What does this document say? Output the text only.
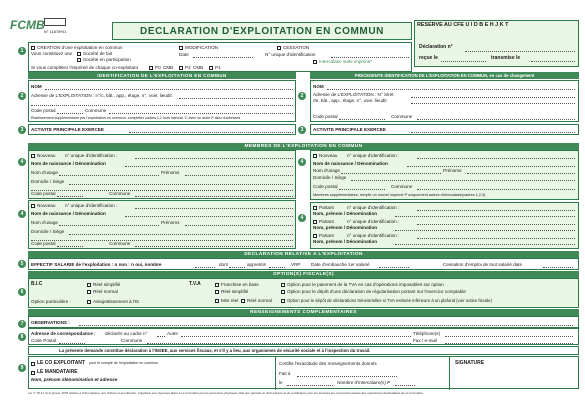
FCMB N° 11678*01	DECLARATION D'EXPLOITATION EN COMMUN
RESERVE AU CFE U I D B E H J K T
Déclaration n°
reçue le	transmise le
1
CREATION d'une exploitation en commun
Vous constituez une Société de fait
Société en participation
MODIFICATION	CESSATION
Date	N° unique d'identification
Si vous complétez l'imprimé de chaque co-exploitant	P0 CMB	P2 CMB	P4
Intercalaire suite imprimé*
IDENTIFICATION DE L'EXPLOITATION EN COMMUN	PRECEDENTE IDENTIFICATION DE L'EXPLOITATION EN COMMUN, en cas de changement
2
NOM
Adresse de L'EXPLOITATION : n°/c, bât., app., étage, n°, voie, lieudit
Code postal	Commune
Établissement supplémentaire par l'exploitation en commun, complétez cadres 1,2 hors intercal. 3, avec un autre P allez d'adresses
2
NOM
Adresse de L'EXPLOITATION : N° Siret
rte, bât., app., étage, n°, voie, lieudit
Code postal	Commune
3	ACTIVITE PRINCIPALE EXERCEE	3	ACTIVITE PRINCIPALE EXERCEE
MEMBRES DE L'EXPLOITATION EN COMMUN
4
Nouveau n° unique d'identification :
Nom de naissance / Dénomination
Nom d'usage	Prénoms
Domicile / Siège
Code postal	Commune
4
Nouveau n° unique d'identification :
Nom de naissance / Dénomination
Nom d'usage	Prénoms
Domicile / Siège
Code postal	Commune
4
Nouveau n° unique d'identification :
Nom de naissance / Dénomination
Nom d'usage	Prénoms
Domicile / Siège
Code postal	Commune
Membres supplémentaires, remplir un nouvel imprimé P uniquement autres d'intercalaire(cadres 1,2,4)
4
Partant	n° unique d'identification :
Nom, prénom / Dénomination
Partant	n° unique d'identification :
Nom, prénom / Dénomination
Partant	n° unique d'identification :
Nom, prénom / Dénomination
DECLARATION RELATIVE A L'EXPLOITATION
5	EFFECTIF SALARIE de l'exploitation : n non : n oui, nombre	dont	apprentis	VRP Date d'embauche 1er salarié	Cessation d'emploi de tout salarié date
OPTION(S) FISCALE(S)
6
B.I.C	Réel simplifié
Réel normal
Option particulière :	Assujettissement à l'IS
T.V.A	Franchise en base
Réel simplifié
Mini réel Réel normal
Option pour le paiement de la TVA en cas d'opérations imposables sur option
Option pour le dépôt d'une déclaration de régularisation portant sur l'exercice comptable
Option pour le dépôt de déclarations trimestrielles si TVA estimée inférieure à un plafond (voir notice fiscale)
RENSEIGNEMENTS COMPLEMENTAIRES
7	OBSERVATIONS :
8
Adresse de correspondance : déclarée au cadre n°	Autre
Code Postal	Commune
Téléphone(s)
Fax / e-mail
La présente demande constitue déclaration à l'INSEE, aux services fiscaux, et s'il y a lieu, aux organismes de sécurité sociale et à l'inspection du travail.
9
LE CO EXPLOITANT pour le compte de l'exploitation en commun
LE MANDATAIRE
Nom, prénom /dénomination et adresse
Certifie l'exactitude des renseignements donnés
Fait à
le	Nombre d'intercalaire(s) P
SIGNATURE
Loi n° 78-17 du 6 janvier 1978 relative à l'informatique, aux fichiers et aux libertés, s'applique aux réponses faites à ce formulaire par les personnes physiques. Elle leur garantit un droit d'accès et de rectification pour les données les concernant auprès des organismes destinataires de ce formulaire.
